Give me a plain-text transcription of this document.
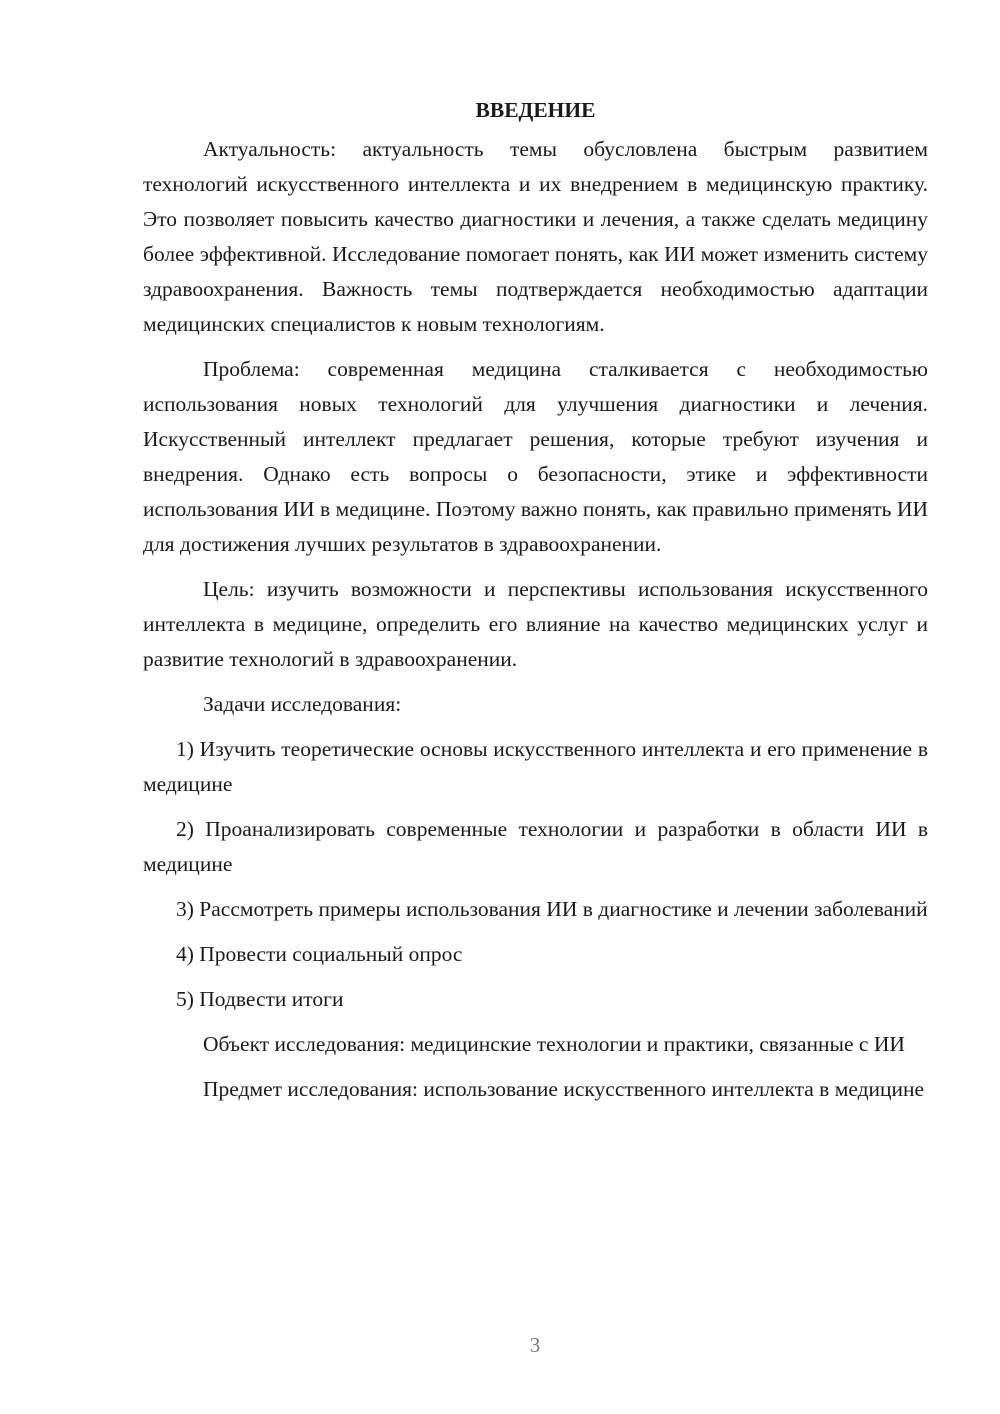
ВВЕДЕНИЕ

Актуальность: актуальность темы обусловлена быстрым развитием технологий искусственного интеллекта и их внедрением в медицинскую практику. Это позволяет повысить качество диагностики и лечения, а также сделать медицину более эффективной. Исследование помогает понять, как ИИ может изменить систему здравоохранения. Важность темы подтверждается необходимостью адаптации медицинских специалистов к новым технологиям.

Проблема: современная медицина сталкивается с необходимостью использования новых технологий для улучшения диагностики и лечения. Искусственный интеллект предлагает решения, которые требуют изучения и внедрения. Однако есть вопросы о безопасности, этике и эффективности использования ИИ в медицине. Поэтому важно понять, как правильно применять ИИ для достижения лучших результатов в здравоохранении.

Цель: изучить возможности и перспективы использования искусственного интеллекта в медицине, определить его влияние на качество медицинских услуг и развитие технологий в здравоохранении.

Задачи исследования:

1) Изучить теоретические основы искусственного интеллекта и его применение в медицине

2) Проанализировать современные технологии и разработки в области ИИ в медицине

3) Рассмотреть примеры использования ИИ в диагностике и лечении заболеваний

4) Провести социальный опрос

5) Подвести итоги

Объект исследования: медицинские технологии и практики, связанные с ИИ

Предмет исследования: использование искусственного интеллекта в медицине

3
